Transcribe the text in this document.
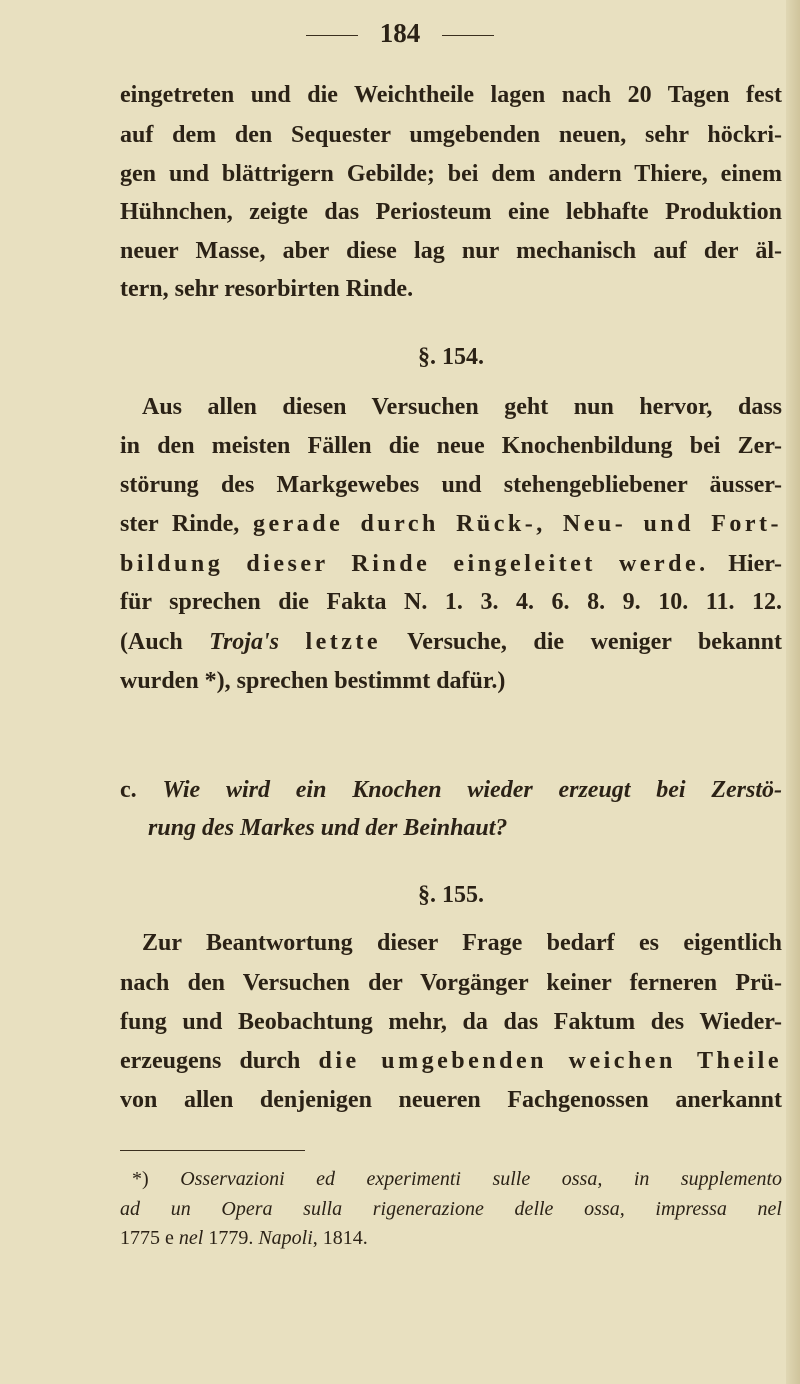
184
eingetreten und die Weichtheile lagen nach 20 Tagen fest
auf dem den Sequester umgebenden neuen, sehr höckri-
gen und blättrigern Gebilde; bei dem andern Thiere, einem
Hühnchen, zeigte das Periosteum eine lebhafte Produktion
neuer Masse, aber diese lag nur mechanisch auf der äl-
tern, sehr resorbirten Rinde.
§. 154.
Aus allen diesen Versuchen geht nun hervor, dass
in den meisten Fällen die neue Knochenbildung bei Zer-
störung des Markgewebes und stehengebliebener äusser-
ster Rinde, gerade durch Rück-, Neu- und Fort-
bildung dieser Rinde eingeleitet werde. Hier-
für sprechen die Fakta N. 1. 3. 4. 6. 8. 9. 10. 11. 12.
(Auch Troja's letzte Versuche, die weniger bekannt
wurden *), sprechen bestimmt dafür.)
c. Wie wird ein Knochen wieder erzeugt bei Zerstö-
rung des Markes und der Beinhaut?
§. 155.
Zur Beantwortung dieser Frage bedarf es eigentlich
nach den Versuchen der Vorgänger keiner ferneren Prü-
fung und Beobachtung mehr, da das Faktum des Wieder-
erzeugens durch die umgebenden weichen Theile
von allen denjenigen neueren Fachgenossen anerkannt
*) Osservazioni ed experimenti sulle ossa, in supplemento
ad un Opera sulla rigenerazione delle ossa, impressa nel
1775 e nel 1779. Napoli, 1814.
